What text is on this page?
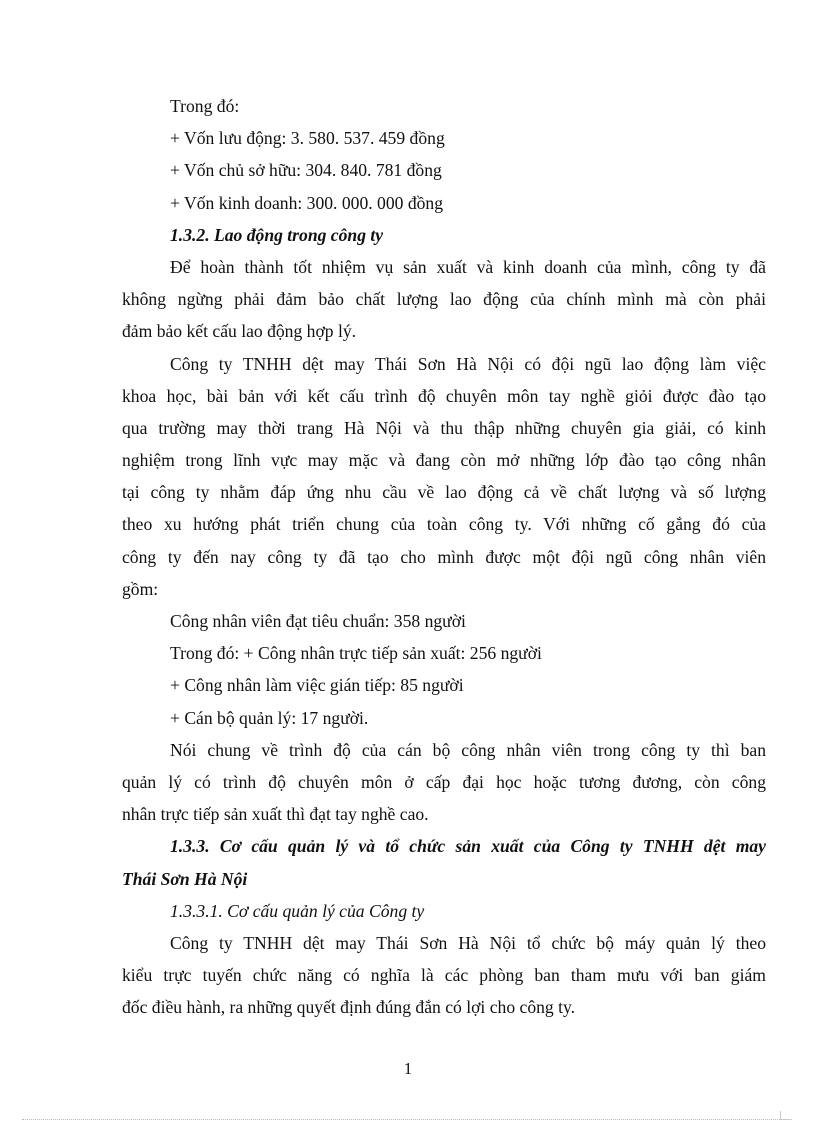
Trong đó:
+ Vốn lưu động: 3. 580. 537. 459 đồng
+ Vốn chủ sở hữu: 304. 840. 781 đồng
+ Vốn kinh doanh: 300. 000. 000 đồng
1.3.2. Lao động trong công ty
Để hoàn thành tốt nhiệm vụ sản xuất và kinh doanh của mình, công ty đã
không ngừng phải đảm bảo chất lượng lao động của chính mình mà còn phải
đảm bảo kết cấu lao động hợp lý.
Công ty TNHH dệt may Thái Sơn Hà Nội có đội ngũ lao động làm việc
khoa học, bài bản với kết cấu trình độ chuyên môn tay nghề giỏi được đào tạo
qua trường may thời trang Hà Nội và thu thập những chuyên gia giải, có kinh
nghiệm trong lĩnh vực may mặc và đang còn mở những lớp đào tạo công nhân
tại công ty nhằm đáp ứng nhu cầu về lao động cả về chất lượng và số lượng
theo xu hướng phát triển chung của toàn công ty. Với những cố gắng đó của
công ty đến nay công ty đã tạo cho mình được một đội ngũ công nhân viên
gồm:
Công nhân viên đạt tiêu chuẩn: 358 người
Trong đó: + Công nhân trực tiếp sản xuất: 256 người
+ Công nhân làm việc gián tiếp: 85 người
+ Cán bộ quản lý: 17 người.
Nói chung về trình độ của cán bộ công nhân viên trong công ty thì ban
quản lý có trình độ chuyên môn ở cấp đại học hoặc tương đương, còn công
nhân trực tiếp sản xuất thì đạt tay nghề cao.
1.3.3. Cơ cấu quản lý và tổ chức sản xuất của Công ty TNHH dệt may
Thái Sơn Hà Nội
1.3.3.1. Cơ cấu quản lý của Công ty
Công ty TNHH dệt may Thái Sơn Hà Nội tổ chức bộ máy quản lý theo
kiểu trực tuyến chức năng có nghĩa là các phòng ban tham mưu với ban giám
đốc điều hành, ra những quyết định đúng đắn có lợi cho công ty.
1
